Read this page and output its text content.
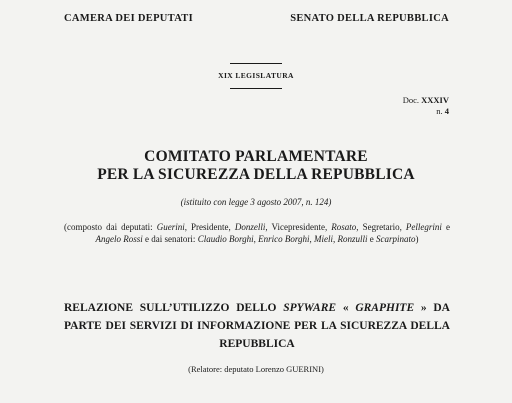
CAMERA DEI DEPUTATI	SENATO DELLA REPUBBLICA
XIX LEGISLATURA
Doc. XXXIV
n. 4
COMITATO PARLAMENTARE
PER LA SICUREZZA DELLA REPUBBLICA
(istituito con legge 3 agosto 2007, n. 124)
(composto dai deputati: Guerini, Presidente, Donzelli, Vicepresidente, Rosato, Segretario, Pellegrini e Angelo Rossi e dai senatori: Claudio Borghi, Enrico Borghi, Mieli, Ronzulli e Scarpinato)
RELAZIONE SULL’UTILIZZO DELLO SPYWARE « GRAPHITE » DA PARTE DEI SERVIZI DI INFORMAZIONE PER LA SICUREZZA DELLA REPUBBLICA
(Relatore: deputato Lorenzo GUERINI)
